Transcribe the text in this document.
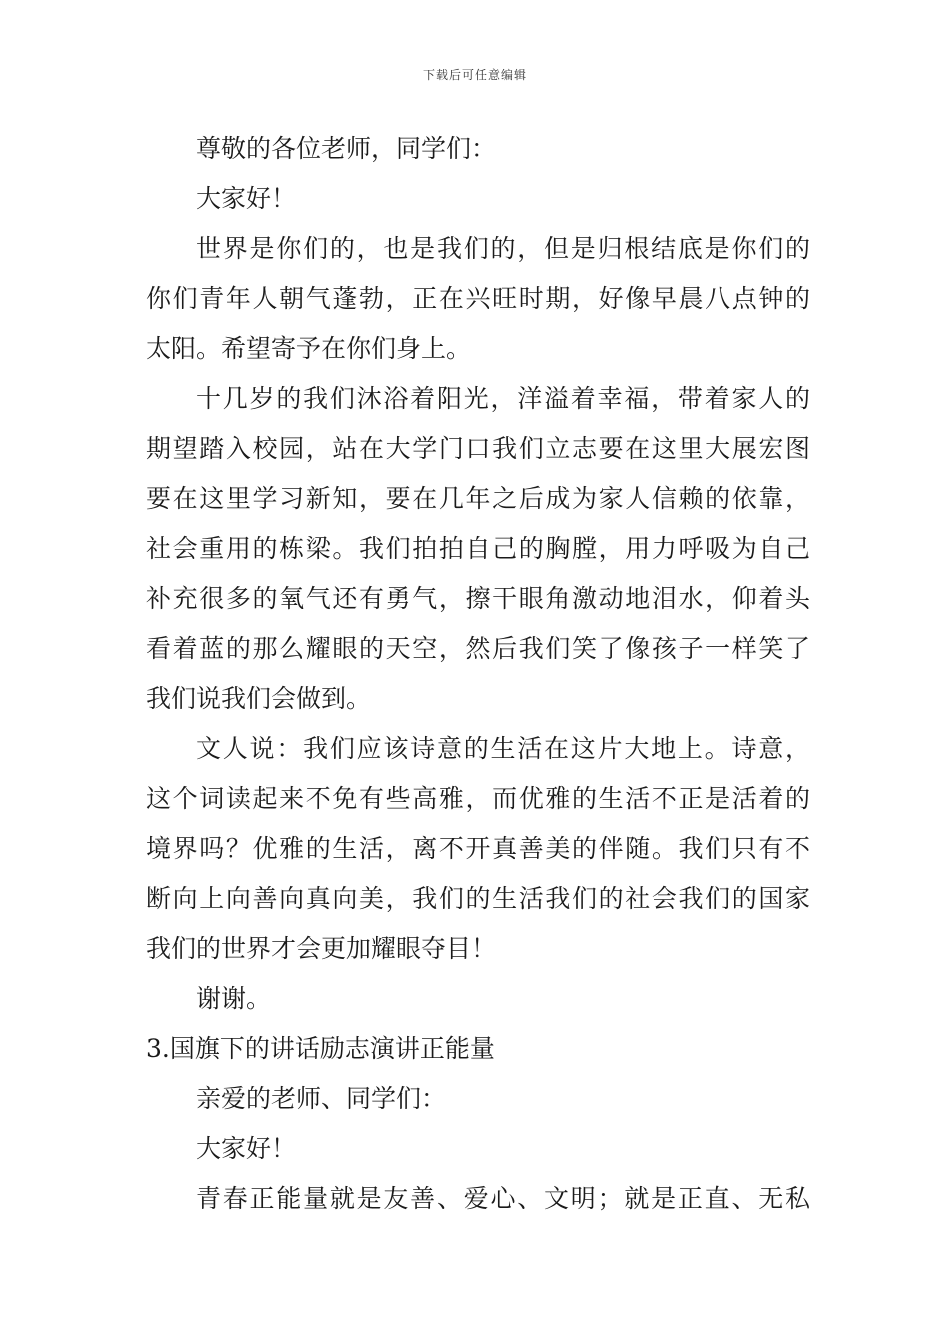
下载后可任意编辑
尊敬的各位老师，同学们：
大家好！
世界是你们的，也是我们的，但是归根结底是你们的
你们青年人朝气蓬勃，正在兴旺时期，好像早晨八点钟的
太阳。希望寄予在你们身上。
十几岁的我们沐浴着阳光，洋溢着幸福，带着家人的
期望踏入校园，站在大学门口我们立志要在这里大展宏图
要在这里学习新知，要在几年之后成为家人信赖的依靠，
社会重用的栋梁。我们拍拍自己的胸膛，用力呼吸为自己
补充很多的氧气还有勇气，擦干眼角激动地泪水，仰着头
看着蓝的那么耀眼的天空，然后我们笑了像孩子一样笑了
我们说我们会做到。
文人说：我们应该诗意的生活在这片大地上。诗意，
这个词读起来不免有些高雅，而优雅的生活不正是活着的
境界吗？优雅的生活，离不开真善美的伴随。我们只有不
断向上向善向真向美，我们的生活我们的社会我们的国家
我们的世界才会更加耀眼夺目！
谢谢。
3.国旗下的讲话励志演讲正能量
亲爱的老师、同学们：
大家好！
青春正能量就是友善、爱心、文明；就是正直、无私
